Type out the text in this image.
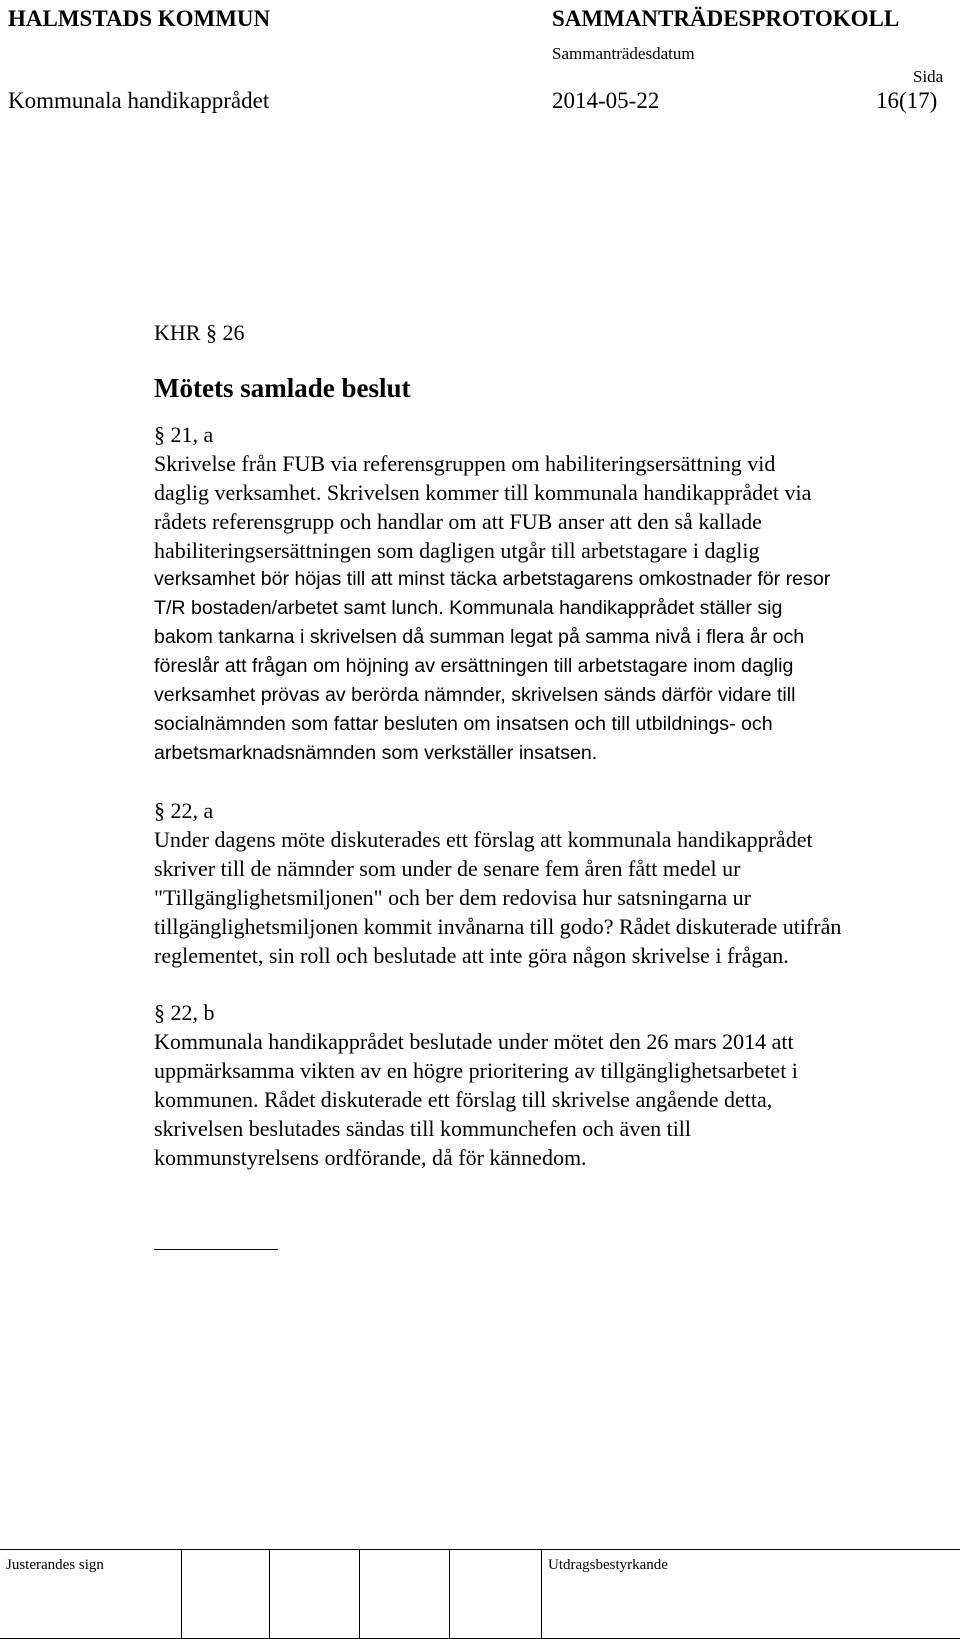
HALMSTADS KOMMUN	SAMMANTRÄDESPROTOKOLL
Sammanträdesdatum
Sida
Kommunala handikapprådet	2014-05-22	16(17)
KHR § 26
Mötets samlade beslut
§ 21, a
Skrivelse från FUB via referensgruppen om habiliteringsersättning vid
daglig verksamhet. Skrivelsen kommer till kommunala handikapprådet via
rådets referensgrupp och handlar om att FUB anser att den så kallade
habiliteringsersättningen som dagligen utgår till arbetstagare i daglig
verksamhet bör höjas till att minst täcka arbetstagarens omkostnader för resor
T/R bostaden/arbetet samt lunch. Kommunala handikapprådet ställer sig
bakom tankarna i skrivelsen då summan legat på samma nivå i flera år och
föreslår att frågan om höjning av ersättningen till arbetstagare inom daglig
verksamhet prövas av berörda nämnder, skrivelsen sänds därför vidare till
socialnämnden som fattar besluten om insatsen och till utbildnings- och
arbetsmarknadsnämnden som verkställer insatsen.
§ 22, a
Under dagens möte diskuterades ett förslag att kommunala handikapprådet
skriver till de nämnder som under de senare fem åren fått medel ur
"Tillgänglighetsmiljonen" och ber dem redovisa hur satsningarna ur
tillgänglighetsmiljonen kommit invånarna till godo? Rådet diskuterade utifrån
reglementet, sin roll och beslutade att inte göra någon skrivelse i frågan.
§ 22, b
Kommunala handikapprådet beslutade under mötet den 26 mars 2014 att
uppmärksamma vikten av en högre prioritering av tillgänglighetsarbetet i
kommunen. Rådet diskuterade ett förslag till skrivelse angående detta,
skrivelsen beslutades sändas till kommunchefen och även till
kommunstyrelsens ordförande, då för kännedom.
Justerandes sign	Utdragsbestyrkande
